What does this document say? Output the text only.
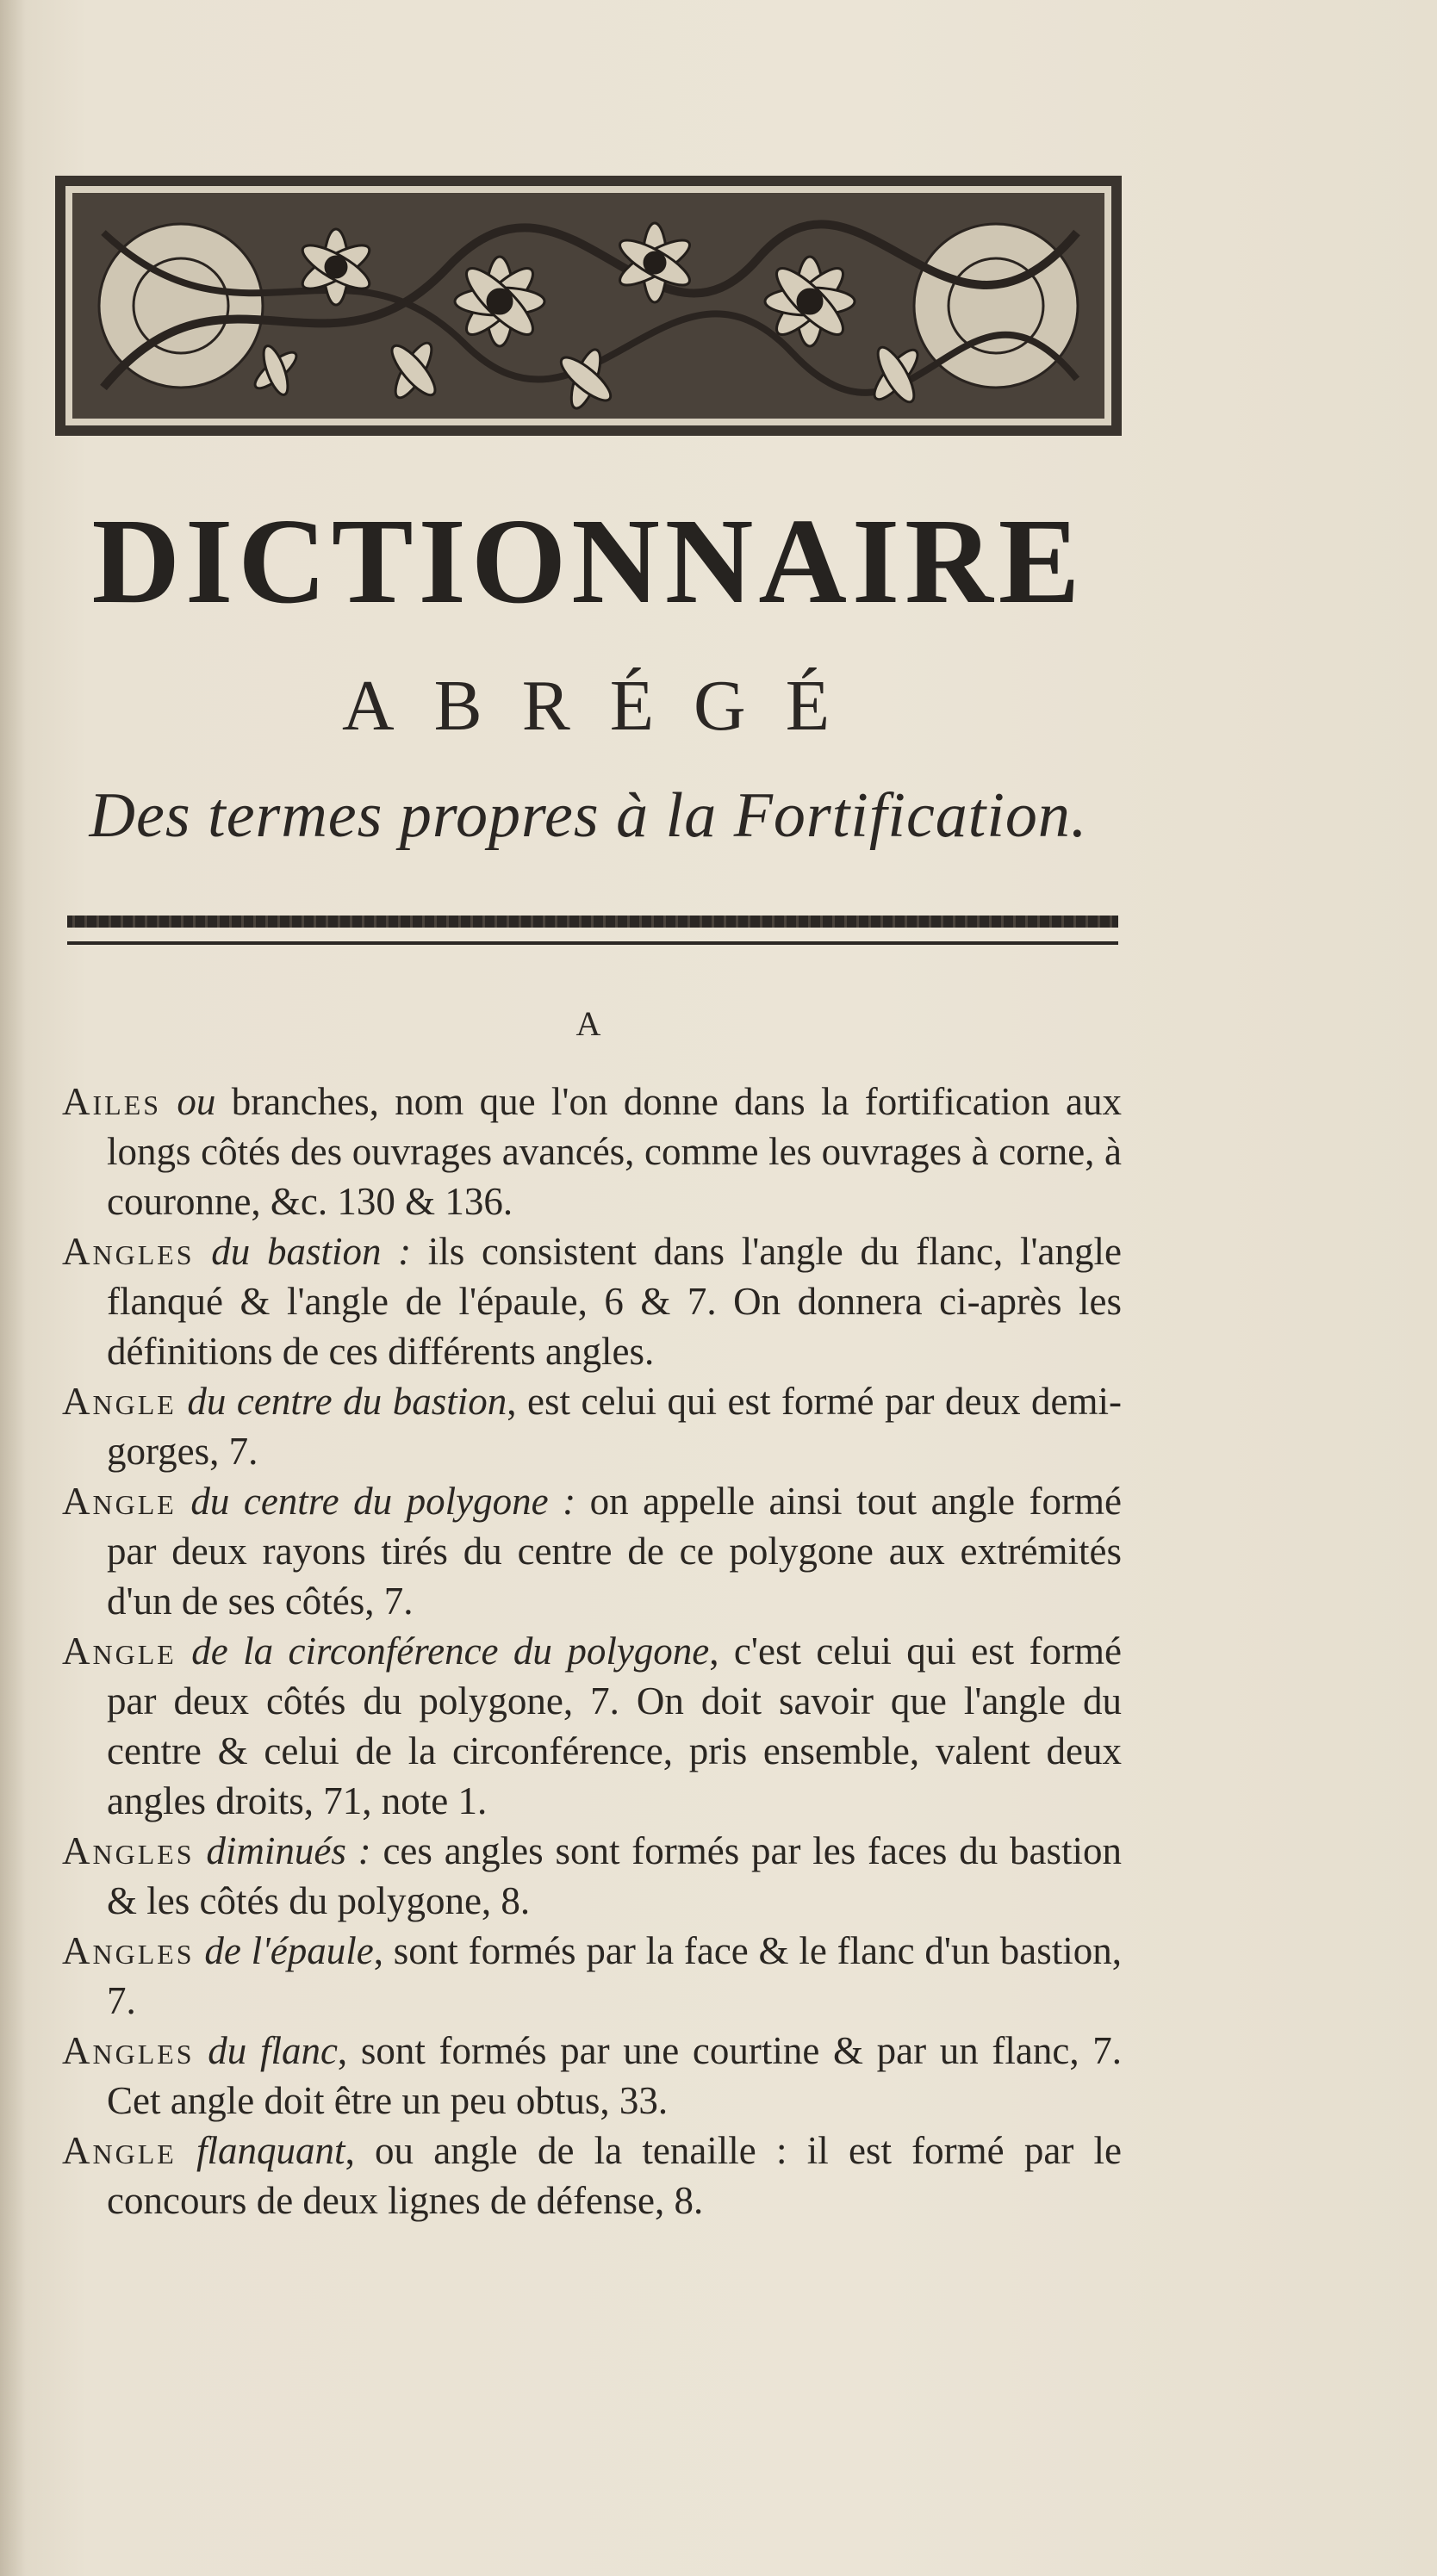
DICTIONNAIRE
ABRÉGÉ
Des termes propres à la Fortification.
A

Ailes ou branches, nom que l'on donne dans la fortification aux longs côtés des ouvrages avancés, comme les ouvrages à corne, à couronne, &c. 130 & 136.

Angles du bastion : ils consistent dans l'angle du flanc, l'angle flanqué & l'angle de l'épaule, 6 & 7. On donnera ci-après les définitions de ces différents angles.

Angle du centre du bastion, est celui qui est formé par deux demi-gorges, 7.

Angle du centre du polygone : on appelle ainsi tout angle formé par deux rayons tirés du centre de ce polygone aux extrémités d'un de ses côtés, 7.

Angle de la circonférence du polygone, c'est celui qui est formé par deux côtés du polygone, 7. On doit savoir que l'angle du centre & celui de la circonférence, pris ensemble, valent deux angles droits, 71, note 1.

Angles diminués : ces angles sont formés par les faces du bastion & les côtés du polygone, 8.

Angles de l'épaule, sont formés par la face & le flanc d'un bastion, 7.

Angles du flanc, sont formés par une courtine & par un flanc, 7. Cet angle doit être un peu obtus, 33.

Angle flanquant, ou angle de la tenaille : il est formé par le concours de deux lignes de défense, 8.
